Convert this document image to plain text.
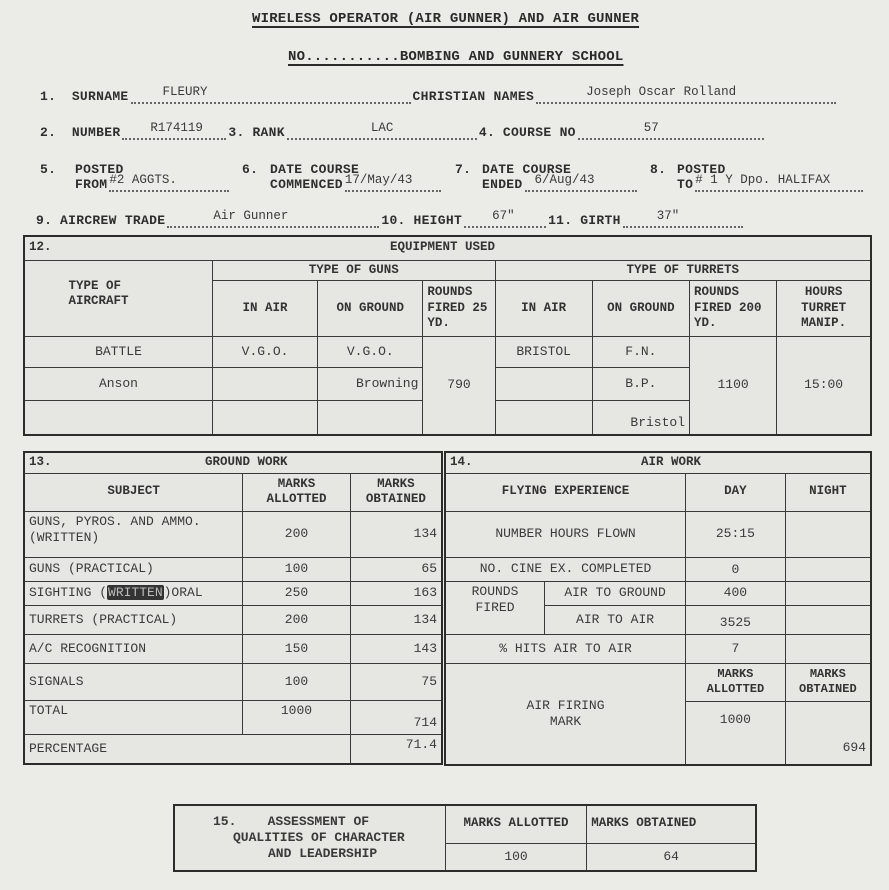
WIRELESS OPERATOR (AIR GUNNER) AND AIR GUNNER
NO...........BOMBING AND GUNNERY SCHOOL
1.
SURNAME	FLEURY	CHRISTIAN NAMES	Joseph Oscar Rolland
2.
NUMBER R174119 3.
RANK	LAC	4.
COURSE NO	57
5. POSTED
FROM #2 AGGTS.
6. DATE COURSE
COMMENCED 17/May/43
7. DATE COURSE
ENDED 6/Aug/43
8. POSTED
TO # 1 Y Dpo. HALIFAX
9.
AIRCREW TRADE	Air Gunner	10.
HEIGHT 67"	11.
GIRTH	37"
12. EQUIPMENT USED							

TYPE OF AIRCRAFT	TYPE OF GUNS			TYPE OF TURRETS			
	IN AIR	ON GROUND	ROUNDS FIRED 25 YD.	IN AIR	ON GROUND	ROUNDS FIRED 200 YD.	HOURS TURRET MANIP.
BATTLE	V.G.O.	V.G.O.	790	BRISTOL	F.N.	1100	15:00
Anson		Browning			B.P.		
					Bristol		
13. GROUND WORK		

SUBJECT	MARKS ALLOTTED	MARKS OBTAINED
GUNS, PYROS. AND AMMO. (WRITTEN)	200	134
GUNS (PRACTICAL)	100	65
SIGHTING (WRITTEN)ORAL	250	163
TURRETS (PRACTICAL)	200	134
A/C RECOGNITION	150	143
SIGNALS	100	75
TOTAL	1000	714
PERCENTAGE		71.4
14. AIR WORK			

FLYING EXPERIENCE		DAY	NIGHT
NUMBER HOURS FLOWN		25:15	
NO. CINE EX. COMPLETED		0	
ROUNDS FIRED	AIR TO GROUND	400	
	AIR TO AIR	3525	
% HITS AIR TO AIR		7	

AIR FIRING MARK		MARKS ALLOTTED	MARKS OBTAINED
		1000	694
15. ASSESSMENT OF
QUALITIES OF CHARACTER
AND LEADERSHIP	MARKS ALLOTTED	MARKS OBTAINED
	100	64
